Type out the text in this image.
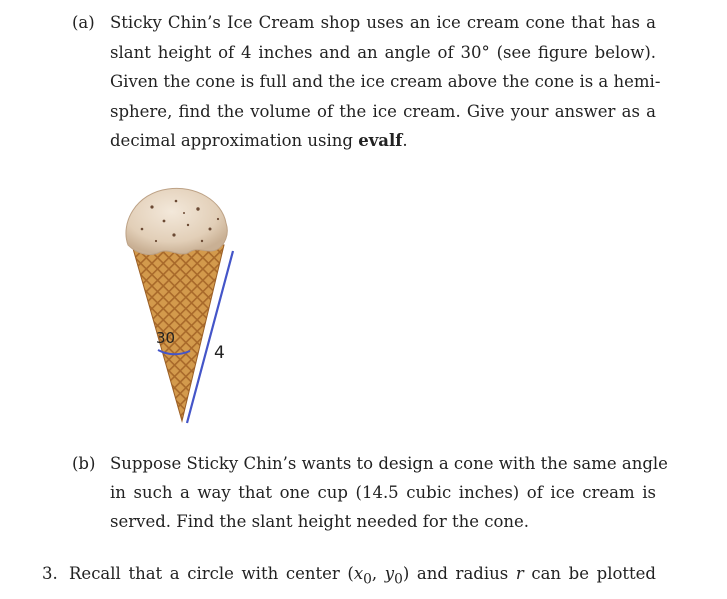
(a) Sticky Chin’s Ice Cream shop uses an ice cream cone that has a
slant height of 4 inches and an angle of 30° (see figure below).
Given the cone is full and the ice cream above the cone is a hemi-
sphere, find the volume of the ice cream. Give your answer as a
decimal approximation using evalf.
30
4
(b) Suppose Sticky Chin’s wants to design a cone with the same angle
in such a way that one cup (14.5 cubic inches) of ice cream is
served. Find the slant height needed for the cone.
3. Recall that a circle with center ($x_0$, $y_0$) and radius r can be plotted
